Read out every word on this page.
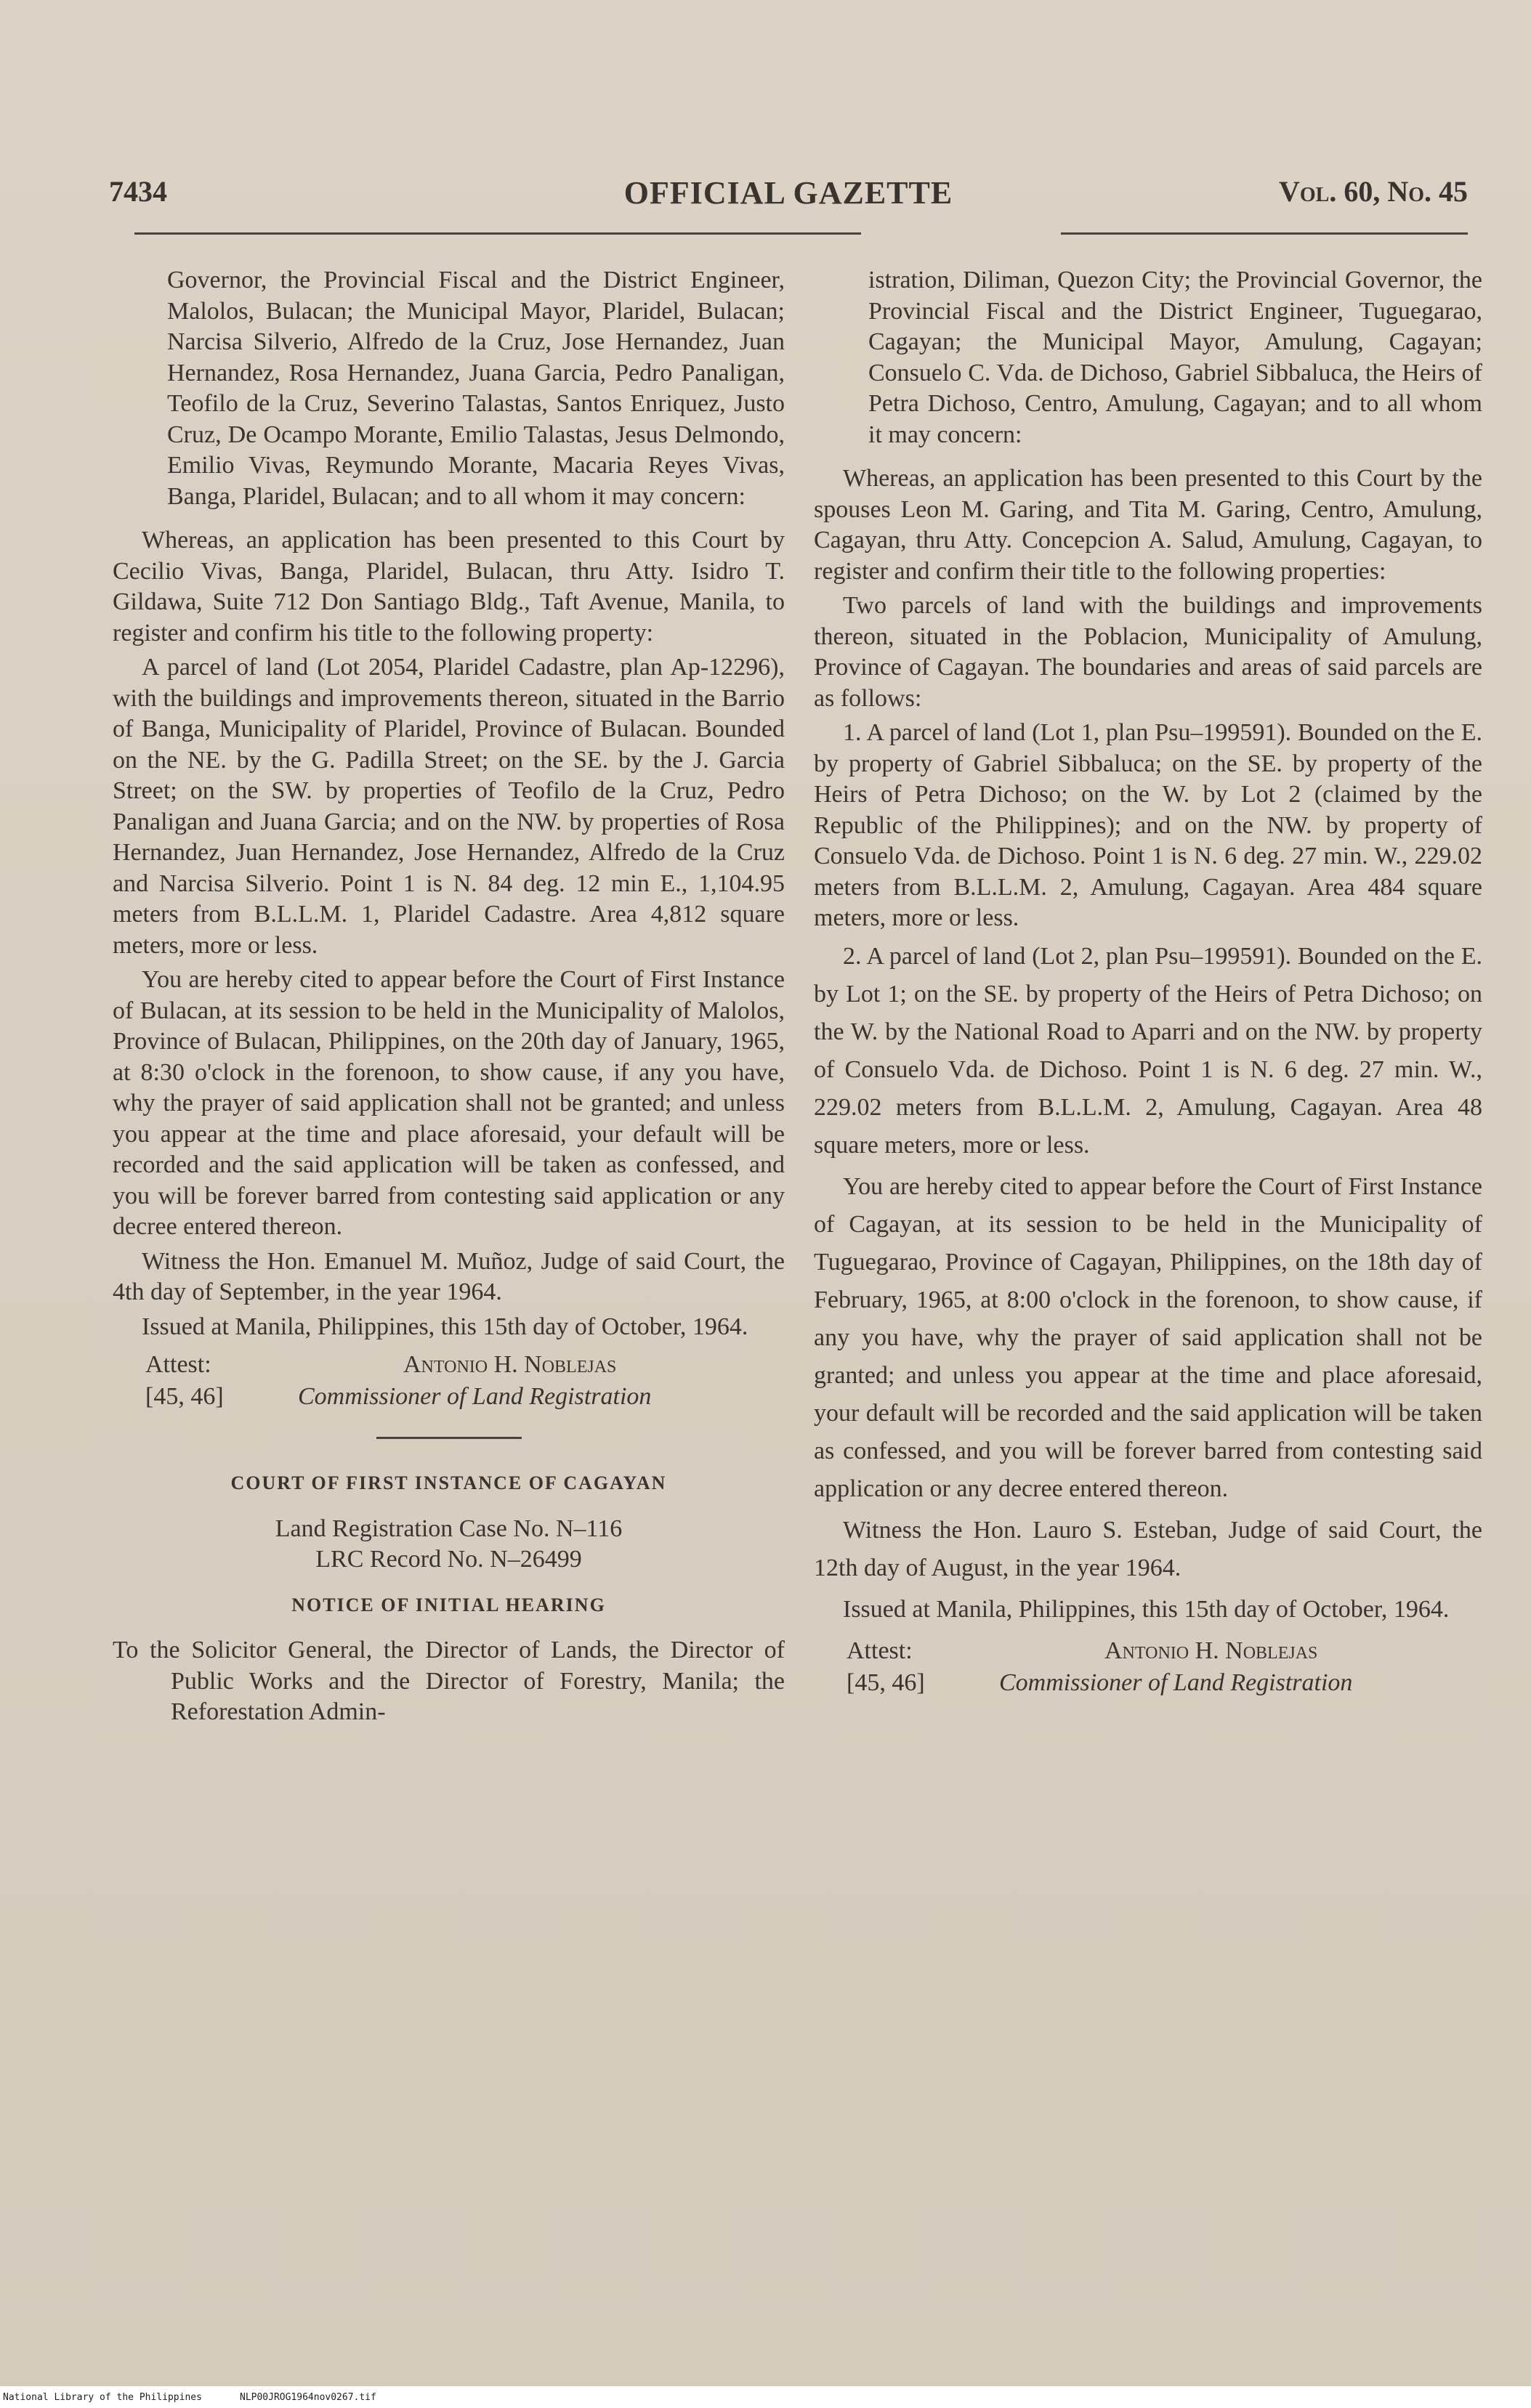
7434	OFFICIAL GAZETTE	Vol. 60, No. 45

Governor, the Provincial Fiscal and the District Engineer, Malolos, Bulacan; the Municipal Mayor, Plaridel, Bulacan; Narcisa Silverio, Alfredo de la Cruz, Jose Hernandez, Juan Hernandez, Rosa Hernandez, Juana Garcia, Pedro Panaligan, Teofilo de la Cruz, Severino Talastas, Santos Enriquez, Justo Cruz, De Ocampo Morante, Emilio Talastas, Jesus Delmondo, Emilio Vivas, Reymundo Morante, Macaria Reyes Vivas, Banga, Plaridel, Bulacan; and to all whom it may concern:

Whereas, an application has been presented to this Court by Cecilio Vivas, Banga, Plaridel, Bulacan, thru Atty. Isidro T. Gildawa, Suite 712 Don Santiago Bldg., Taft Avenue, Manila, to register and confirm his title to the following property:

A parcel of land (Lot 2054, Plaridel Cadastre, plan Ap-12296), with the buildings and improvements thereon, situated in the Barrio of Banga, Municipality of Plaridel, Province of Bulacan. Bounded on the NE. by the G. Padilla Street; on the SE. by the J. Garcia Street; on the SW. by properties of Teofilo de la Cruz, Pedro Panaligan and Juana Garcia; and on the NW. by properties of Rosa Hernandez, Juan Hernandez, Jose Hernandez, Alfredo de la Cruz and Narcisa Silverio. Point 1 is N. 84 deg. 12 min E., 1,104.95 meters from B.L.L.M. 1, Plaridel Cadastre. Area 4,812 square meters, more or less.

You are hereby cited to appear before the Court of First Instance of Bulacan, at its session to be held in the Municipality of Malolos, Province of Bulacan, Philippines, on the 20th day of January, 1965, at 8:30 o'clock in the forenoon, to show cause, if any you have, why the prayer of said application shall not be granted; and unless you appear at the time and place aforesaid, your default will be recorded and the said application will be taken as confessed, and you will be forever barred from contesting said application or any decree entered thereon.

Witness the Hon. Emanuel M. Muñoz, Judge of said Court, the 4th day of September, in the year 1964.

Issued at Manila, Philippines, this 15th day of October, 1964.

Attest:	Antonio H. Noblejas
[45, 46]	Commissioner of Land Registration

COURT OF FIRST INSTANCE OF CAGAYAN

Land Registration Case No. N–116

LRC Record No. N–26499

NOTICE OF INITIAL HEARING

To the Solicitor General, the Director of Lands, the Director of Public Works and the Director of Forestry, Manila; the Reforestation Admin-

istration, Diliman, Quezon City; the Provincial Governor, the Provincial Fiscal and the District Engineer, Tuguegarao, Cagayan; the Municipal Mayor, Amulung, Cagayan; Consuelo C. Vda. de Dichoso, Gabriel Sibbaluca, the Heirs of Petra Dichoso, Centro, Amulung, Cagayan; and to all whom it may concern:

Whereas, an application has been presented to this Court by the spouses Leon M. Garing, and Tita M. Garing, Centro, Amulung, Cagayan, thru Atty. Concepcion A. Salud, Amulung, Cagayan, to register and confirm their title to the following properties:

Two parcels of land with the buildings and improvements thereon, situated in the Poblacion, Municipality of Amulung, Province of Cagayan. The boundaries and areas of said parcels are as follows:

1. A parcel of land (Lot 1, plan Psu–199591). Bounded on the E. by property of Gabriel Sibbaluca; on the SE. by property of the Heirs of Petra Dichoso; on the W. by Lot 2 (claimed by the Republic of the Philippines); and on the NW. by property of Consuelo Vda. de Dichoso. Point 1 is N. 6 deg. 27 min. W., 229.02 meters from B.L.L.M. 2, Amulung, Cagayan. Area 484 square meters, more or less.

2. A parcel of land (Lot 2, plan Psu–199591). Bounded on the E. by Lot 1; on the SE. by property of the Heirs of Petra Dichoso; on the W. by the National Road to Aparri and on the NW. by property of Consuelo Vda. de Dichoso. Point 1 is N. 6 deg. 27 min. W., 229.02 meters from B.L.L.M. 2, Amulung, Cagayan. Area 48 square meters, more or less.

You are hereby cited to appear before the Court of First Instance of Cagayan, at its session to be held in the Municipality of Tuguegarao, Province of Cagayan, Philippines, on the 18th day of February, 1965, at 8:00 o'clock in the forenoon, to show cause, if any you have, why the prayer of said application shall not be granted; and unless you appear at the time and place aforesaid, your default will be recorded and the said application will be taken as confessed, and you will be forever barred from contesting said application or any decree entered thereon.

Witness the Hon. Lauro S. Esteban, Judge of said Court, the 12th day of August, in the year 1964.

Issued at Manila, Philippines, this 15th day of October, 1964.

Attest:	Antonio H. Noblejas
[45, 46]	Commissioner of Land Registration
National Library of the Philippines	NLP00JROG1964nov0267.tif
